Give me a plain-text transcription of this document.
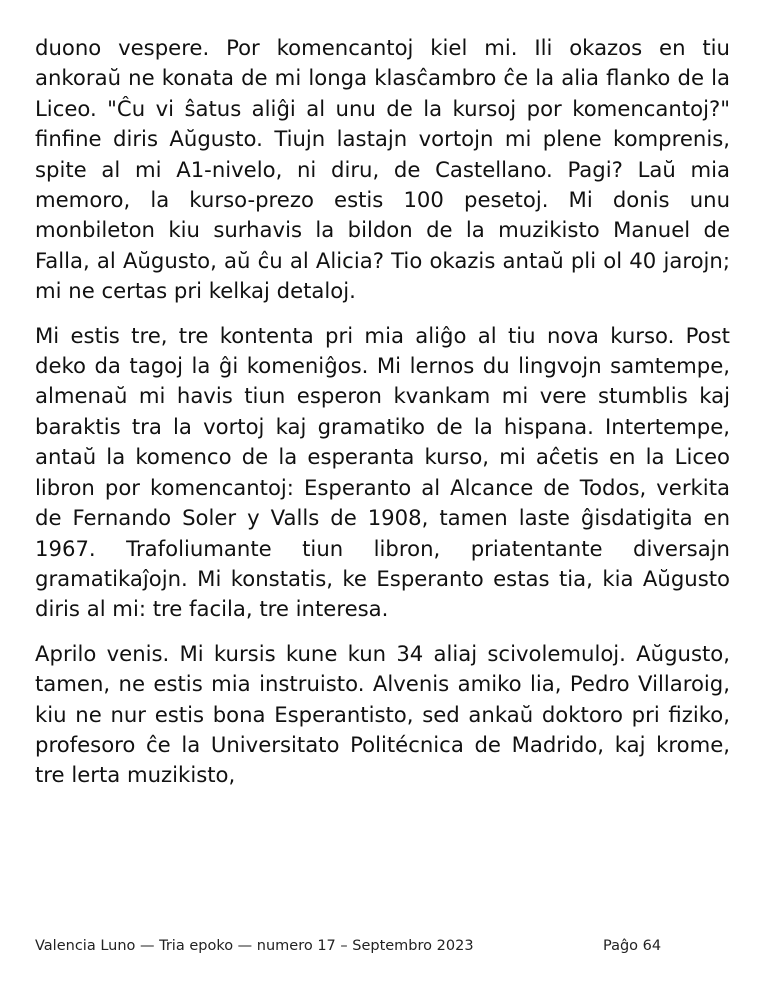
duono vespere. Por komencantoj kiel mi. Ili okazos en tiu ankoraŭ ne konata de mi longa klasĉambro ĉe la alia flanko de la Liceo. "Ĉu vi ŝatus aliĝi al unu de la kursoj por komencantoj?" finfine diris Aŭgusto. Tiujn lastajn vortojn mi plene komprenis, spite al mi A1-nivelo, ni diru, de Castellano. Pagi? Laŭ mia memoro, la kurso-prezo estis 100 pesetoj. Mi donis unu monbileton kiu surhavis la bildon de la muzikisto Manuel de Falla, al Aŭgusto, aŭ ĉu al Alicia? Tio okazis antaŭ pli ol 40 jarojn; mi ne certas pri kelkaj detaloj.

Mi estis tre, tre kontenta pri mia aliĝo al tiu nova kurso. Post deko da tagoj la ĝi komeniĝos. Mi lernos du lingvojn samtempe, almenaŭ mi havis tiun esperon kvankam mi vere stumblis kaj baraktis tra la vortoj kaj gramatiko de la hispana. Intertempe, antaŭ la komenco de la esperanta kurso, mi aĉetis en la Liceo libron por komencantoj: Esperanto al Alcance de Todos, verkita de Fernando Soler y Valls de 1908, tamen laste ĝisdatigita en 1967. Trafoliumante tiun libron, priatentante diversajn gramatikaĵojn. Mi konstatis, ke Esperanto estas tia, kia Aŭgusto diris al mi: tre facila, tre interesa.

Aprilo venis. Mi kursis kune kun 34 aliaj scivolemuloj. Aŭgusto, tamen, ne estis mia instruisto. Alvenis amiko lia, Pedro Villaroig, kiu ne nur estis bona Esperantisto, sed ankaŭ doktoro pri fiziko, profesoro ĉe la Universitato Politécnica de Madrido, kaj krome, tre lerta muzikisto,

Valencia Luno — Tria epoko — numero 17 – Septembro 2023	Paĝo 64
